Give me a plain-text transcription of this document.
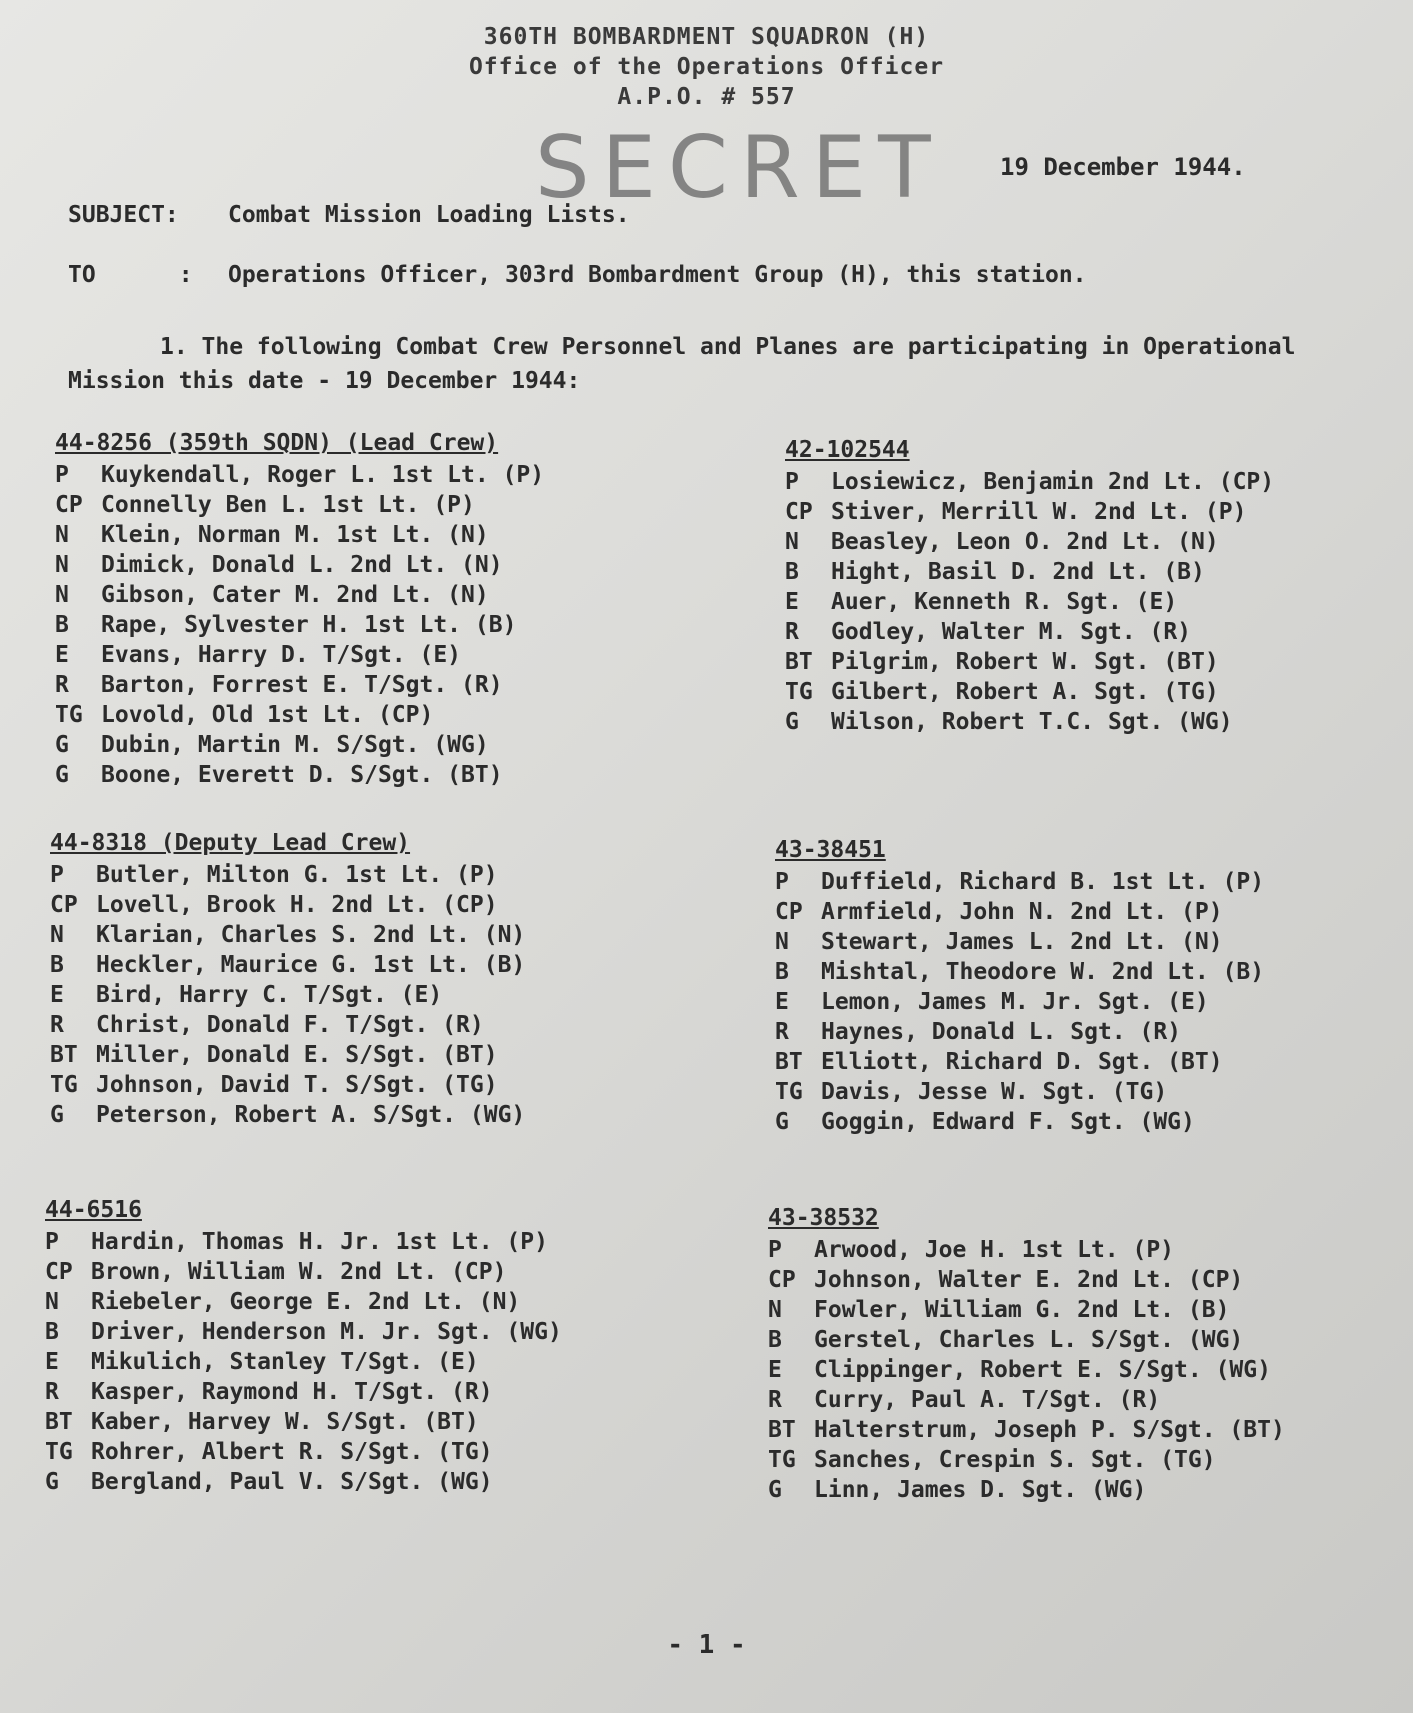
360TH BOMBARDMENT SQUADRON (H)
Office of the Operations Officer
A.P.O. # 557
SECRET 19 December 1944.
SUBJECT: Combat Mission Loading Lists.
TO      : Operations Officer, 303rd Bombardment Group (H), this station.
1. The following Combat Crew Personnel and Planes are participating in Operational Mission this date - 19 December 1944:
44-8256 (359th SQDN) (Lead Crew)
P Kuykendall, Roger L. 1st Lt. (P)
CP Connelly Ben L. 1st Lt. (P)
N Klein, Norman M. 1st Lt. (N)
N Dimick, Donald L. 2nd Lt. (N)
N Gibson, Cater M. 2nd Lt. (N)
B Rape, Sylvester H. 1st Lt. (B)
E Evans, Harry D. T/Sgt. (E)
R Barton, Forrest E. T/Sgt. (R)
TG Lovold, Old 1st Lt. (CP)
G Dubin, Martin M. S/Sgt. (WG)
G Boone, Everett D. S/Sgt. (BT)
42-102544
P Losiewicz, Benjamin 2nd Lt. (CP)
CP Stiver, Merrill W. 2nd Lt. (P)
N Beasley, Leon O. 2nd Lt. (N)
B Hight, Basil D. 2nd Lt. (B)
E Auer, Kenneth R. Sgt. (E)
R Godley, Walter M. Sgt. (R)
BT Pilgrim, Robert W. Sgt. (BT)
TG Gilbert, Robert A. Sgt. (TG)
G Wilson, Robert T.C. Sgt. (WG)
44-8318 (Deputy Lead Crew)
P Butler, Milton G. 1st Lt. (P)
CP Lovell, Brook H. 2nd Lt. (CP)
N Klarian, Charles S. 2nd Lt. (N)
B Heckler, Maurice G. 1st Lt. (B)
E Bird, Harry C. T/Sgt. (E)
R Christ, Donald F. T/Sgt. (R)
BT Miller, Donald E. S/Sgt. (BT)
TG Johnson, David T. S/Sgt. (TG)
G Peterson, Robert A. S/Sgt. (WG)
43-38451
P Duffield, Richard B. 1st Lt. (P)
CP Armfield, John N. 2nd Lt. (P)
N Stewart, James L. 2nd Lt. (N)
B Mishtal, Theodore W. 2nd Lt. (B)
E Lemon, James M. Jr. Sgt. (E)
R Haynes, Donald L. Sgt. (R)
BT Elliott, Richard D. Sgt. (BT)
TG Davis, Jesse W. Sgt. (TG)
G Goggin, Edward F. Sgt. (WG)
44-6516
P Hardin, Thomas H. Jr. 1st Lt. (P)
CP Brown, William W. 2nd Lt. (CP)
N Riebeler, George E. 2nd Lt. (N)
B Driver, Henderson M. Jr. Sgt. (WG)
E Mikulich, Stanley T/Sgt. (E)
R Kasper, Raymond H. T/Sgt. (R)
BT Kaber, Harvey W. S/Sgt. (BT)
TG Rohrer, Albert R. S/Sgt. (TG)
G Bergland, Paul V. S/Sgt. (WG)
43-38532
P Arwood, Joe H. 1st Lt. (P)
CP Johnson, Walter E. 2nd Lt. (CP)
N Fowler, William G. 2nd Lt. (B)
B Gerstel, Charles L. S/Sgt. (WG)
E Clippinger, Robert E. S/Sgt. (WG)
R Curry, Paul A. T/Sgt. (R)
BT Halterstrum, Joseph P. S/Sgt. (BT)
TG Sanches, Crespin S. Sgt. (TG)
G Linn, James D. Sgt. (WG)
- 1 -
